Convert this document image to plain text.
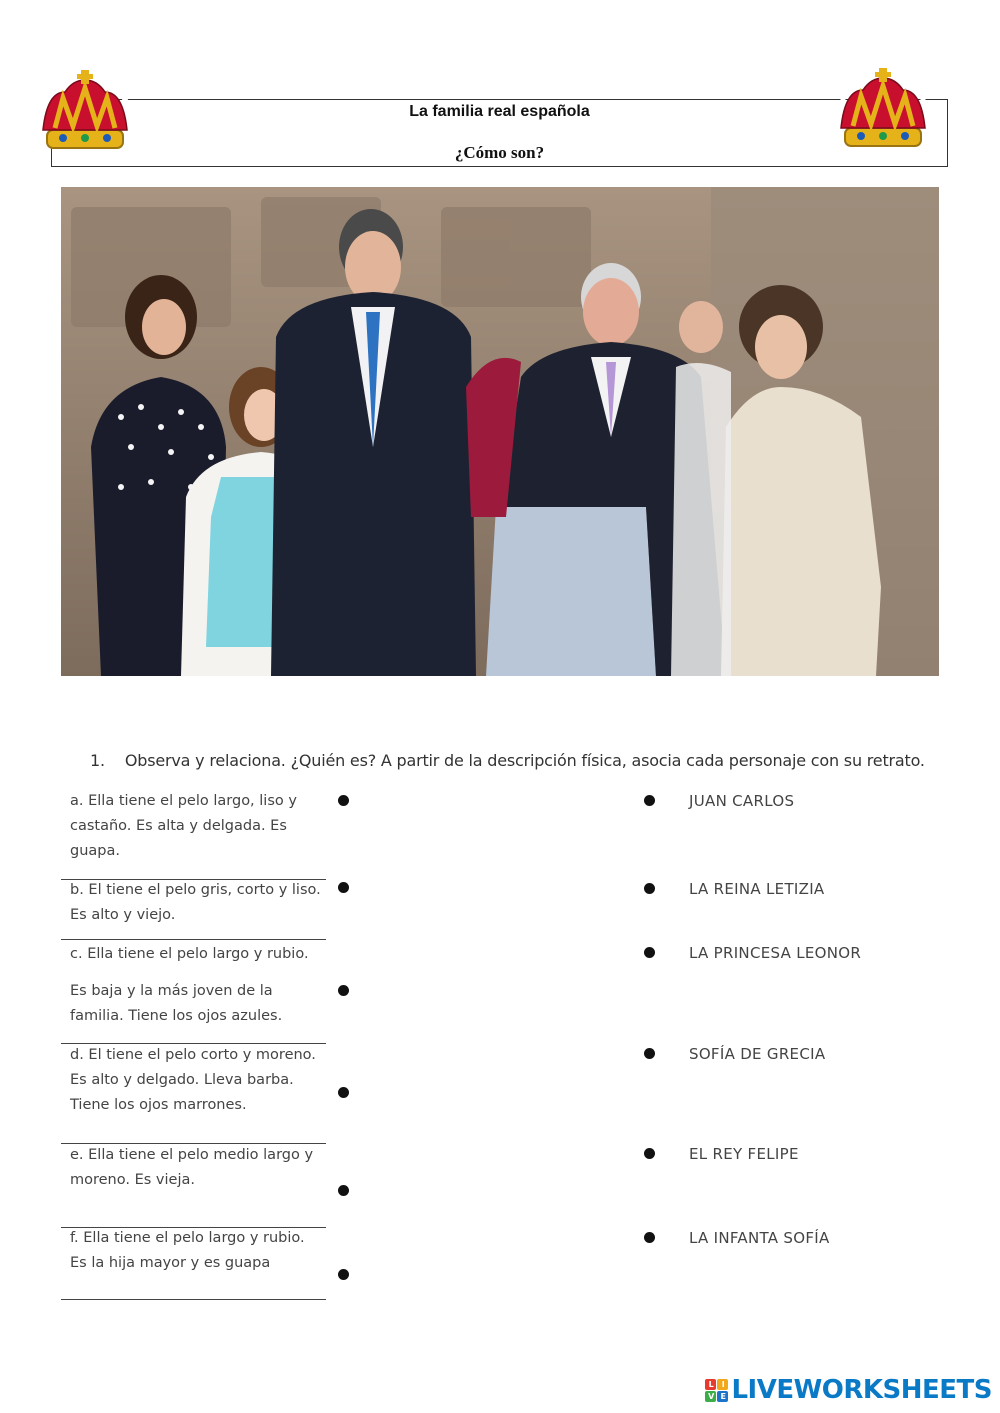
La familia real española
¿Cómo son?
1. Observa y relaciona. ¿Quién es? A partir de la descripción física, asocia cada personaje con su retrato.
a. Ella tiene el pelo largo, liso y castaño. Es alta y delgada. Es guapa.
b. El tiene el pelo gris, corto y liso. Es alto y viejo.
c. Ella tiene el pelo largo y rubio.
Es baja y la más joven de la familia. Tiene los ojos azules.
d. El tiene el pelo corto y moreno. Es alto y delgado. Lleva barba. Tiene los ojos marrones.
e. Ella tiene el pelo medio largo y moreno. Es vieja.
f. Ella tiene el pelo largo y rubio. Es la hija mayor y es guapa
JUAN CARLOS
LA REINA LETIZIA
LA PRINCESA LEONOR
SOFÍA DE GRECIA
EL REY FELIPE
LA INFANTA SOFÍA
L	I
V E LIVEWORKSHEETS
